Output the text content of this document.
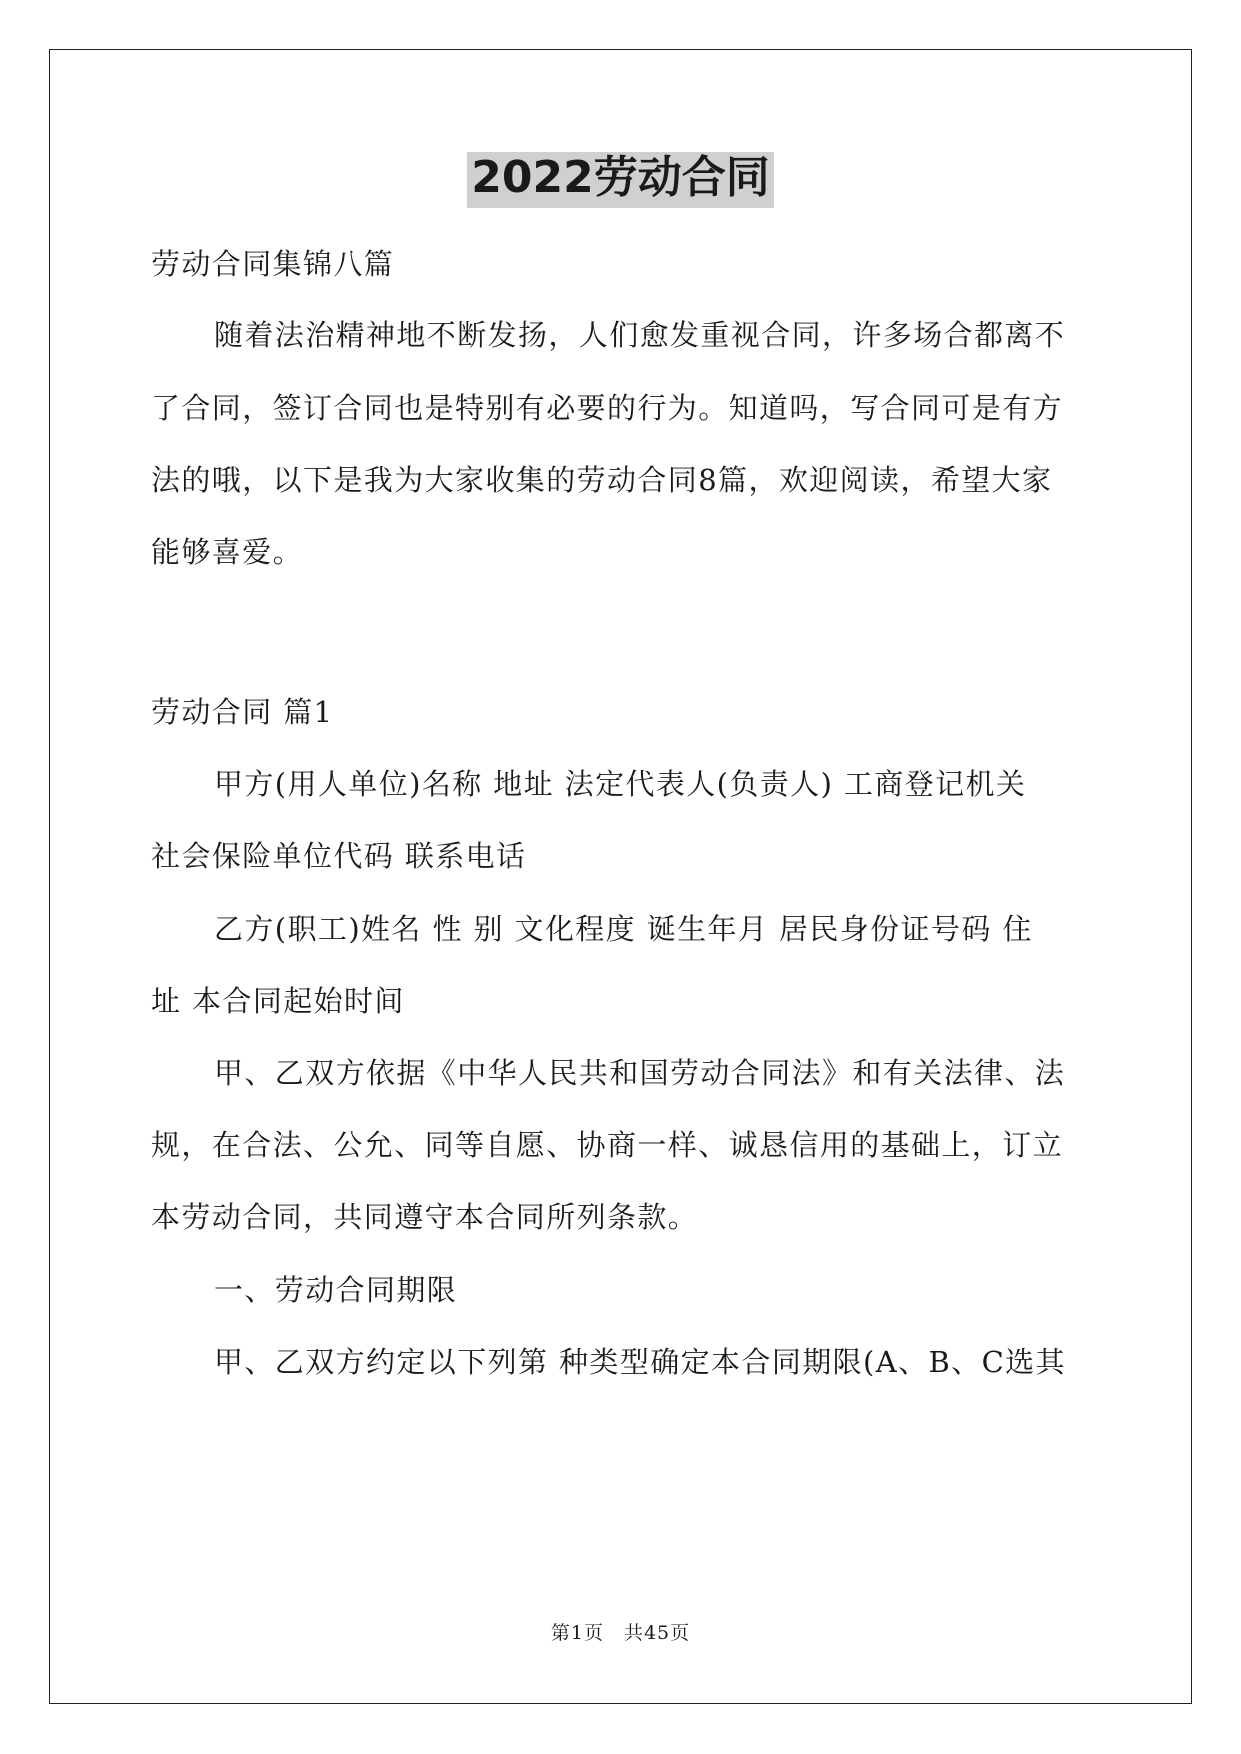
2022劳动合同

劳动合同集锦八篇

随着法治精神地不断发扬，人们愈发重视合同，许多场合都离不

了合同，签订合同也是特别有必要的行为。知道吗，写合同可是有方

法的哦，以下是我为大家收集的劳动合同8篇，欢迎阅读，希望大家

能够喜爱。

劳动合同 篇1

甲方(用人单位)名称 地址 法定代表人(负责人) 工商登记机关

社会保险单位代码 联系电话

乙方(职工)姓名 性 别 文化程度 诞生年月 居民身份证号码 住

址 本合同起始时间

甲、乙双方依据《中华人民共和国劳动合同法》和有关法律、法

规，在合法、公允、同等自愿、协商一样、诚恳信用的基础上，订立

本劳动合同，共同遵守本合同所列条款。

一、劳动合同期限

甲、乙双方约定以下列第 种类型确定本合同期限(A、B、C选其

第1页　共45页
